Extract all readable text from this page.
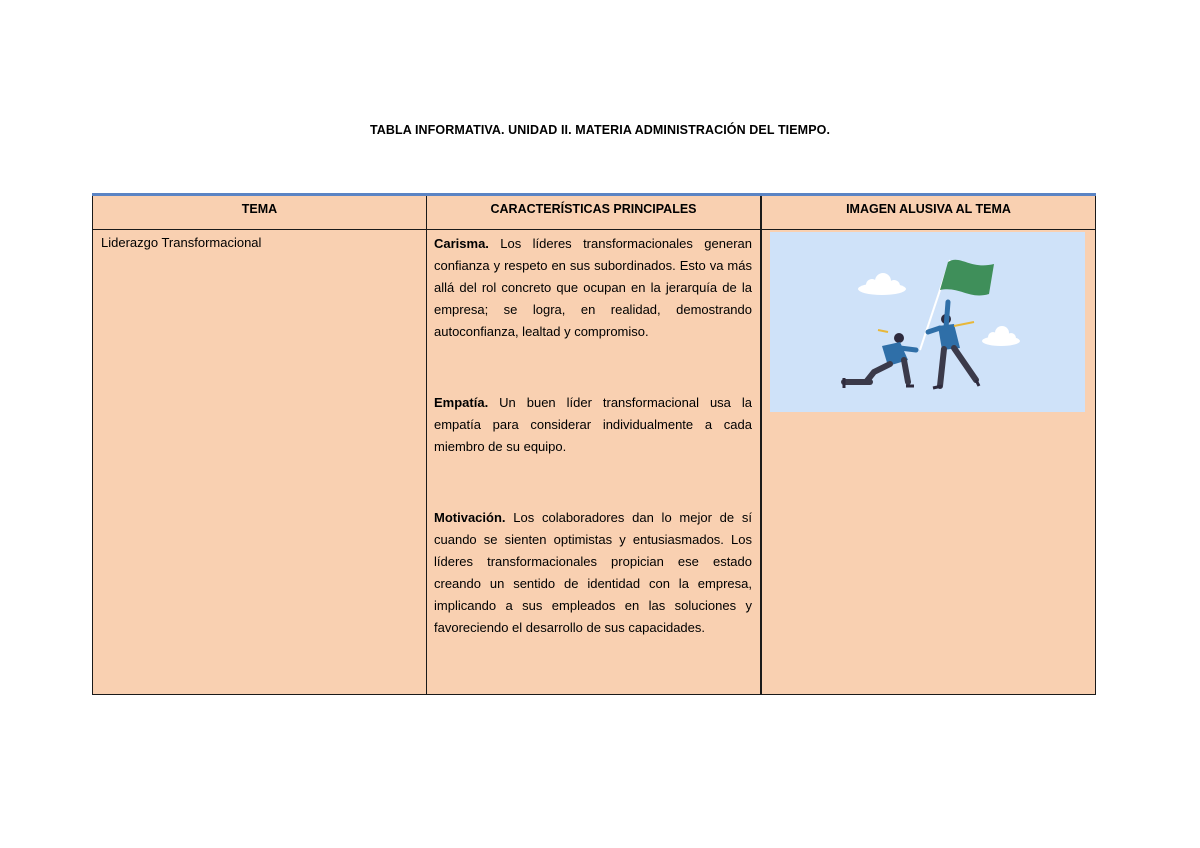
TABLA INFORMATIVA. UNIDAD II. MATERIA ADMINISTRACIÓN DEL TIEMPO.
TEMA	CARACTERÍSTICAS PRINCIPALES	IMAGEN ALUSIVA AL TEMA
Liderazgo Transformacional	Carisma. Los líderes transformacionales generan confianza y respeto en sus subordinados. Esto va más allá del rol concreto que ocupan en la jerarquía de la empresa; se logra, en realidad, demostrando autoconfianza, lealtad y compromiso.

Empatía. Un buen líder transformacional usa la empatía para considerar individualmente a cada miembro de su equipo.

Motivación. Los colaboradores dan lo mejor de sí cuando se sienten optimistas y entusiasmados. Los líderes transformacionales propician ese estado creando un sentido de identidad con la empresa, implicando a sus empleados en las soluciones y favoreciendo el desarrollo de sus capacidades.
